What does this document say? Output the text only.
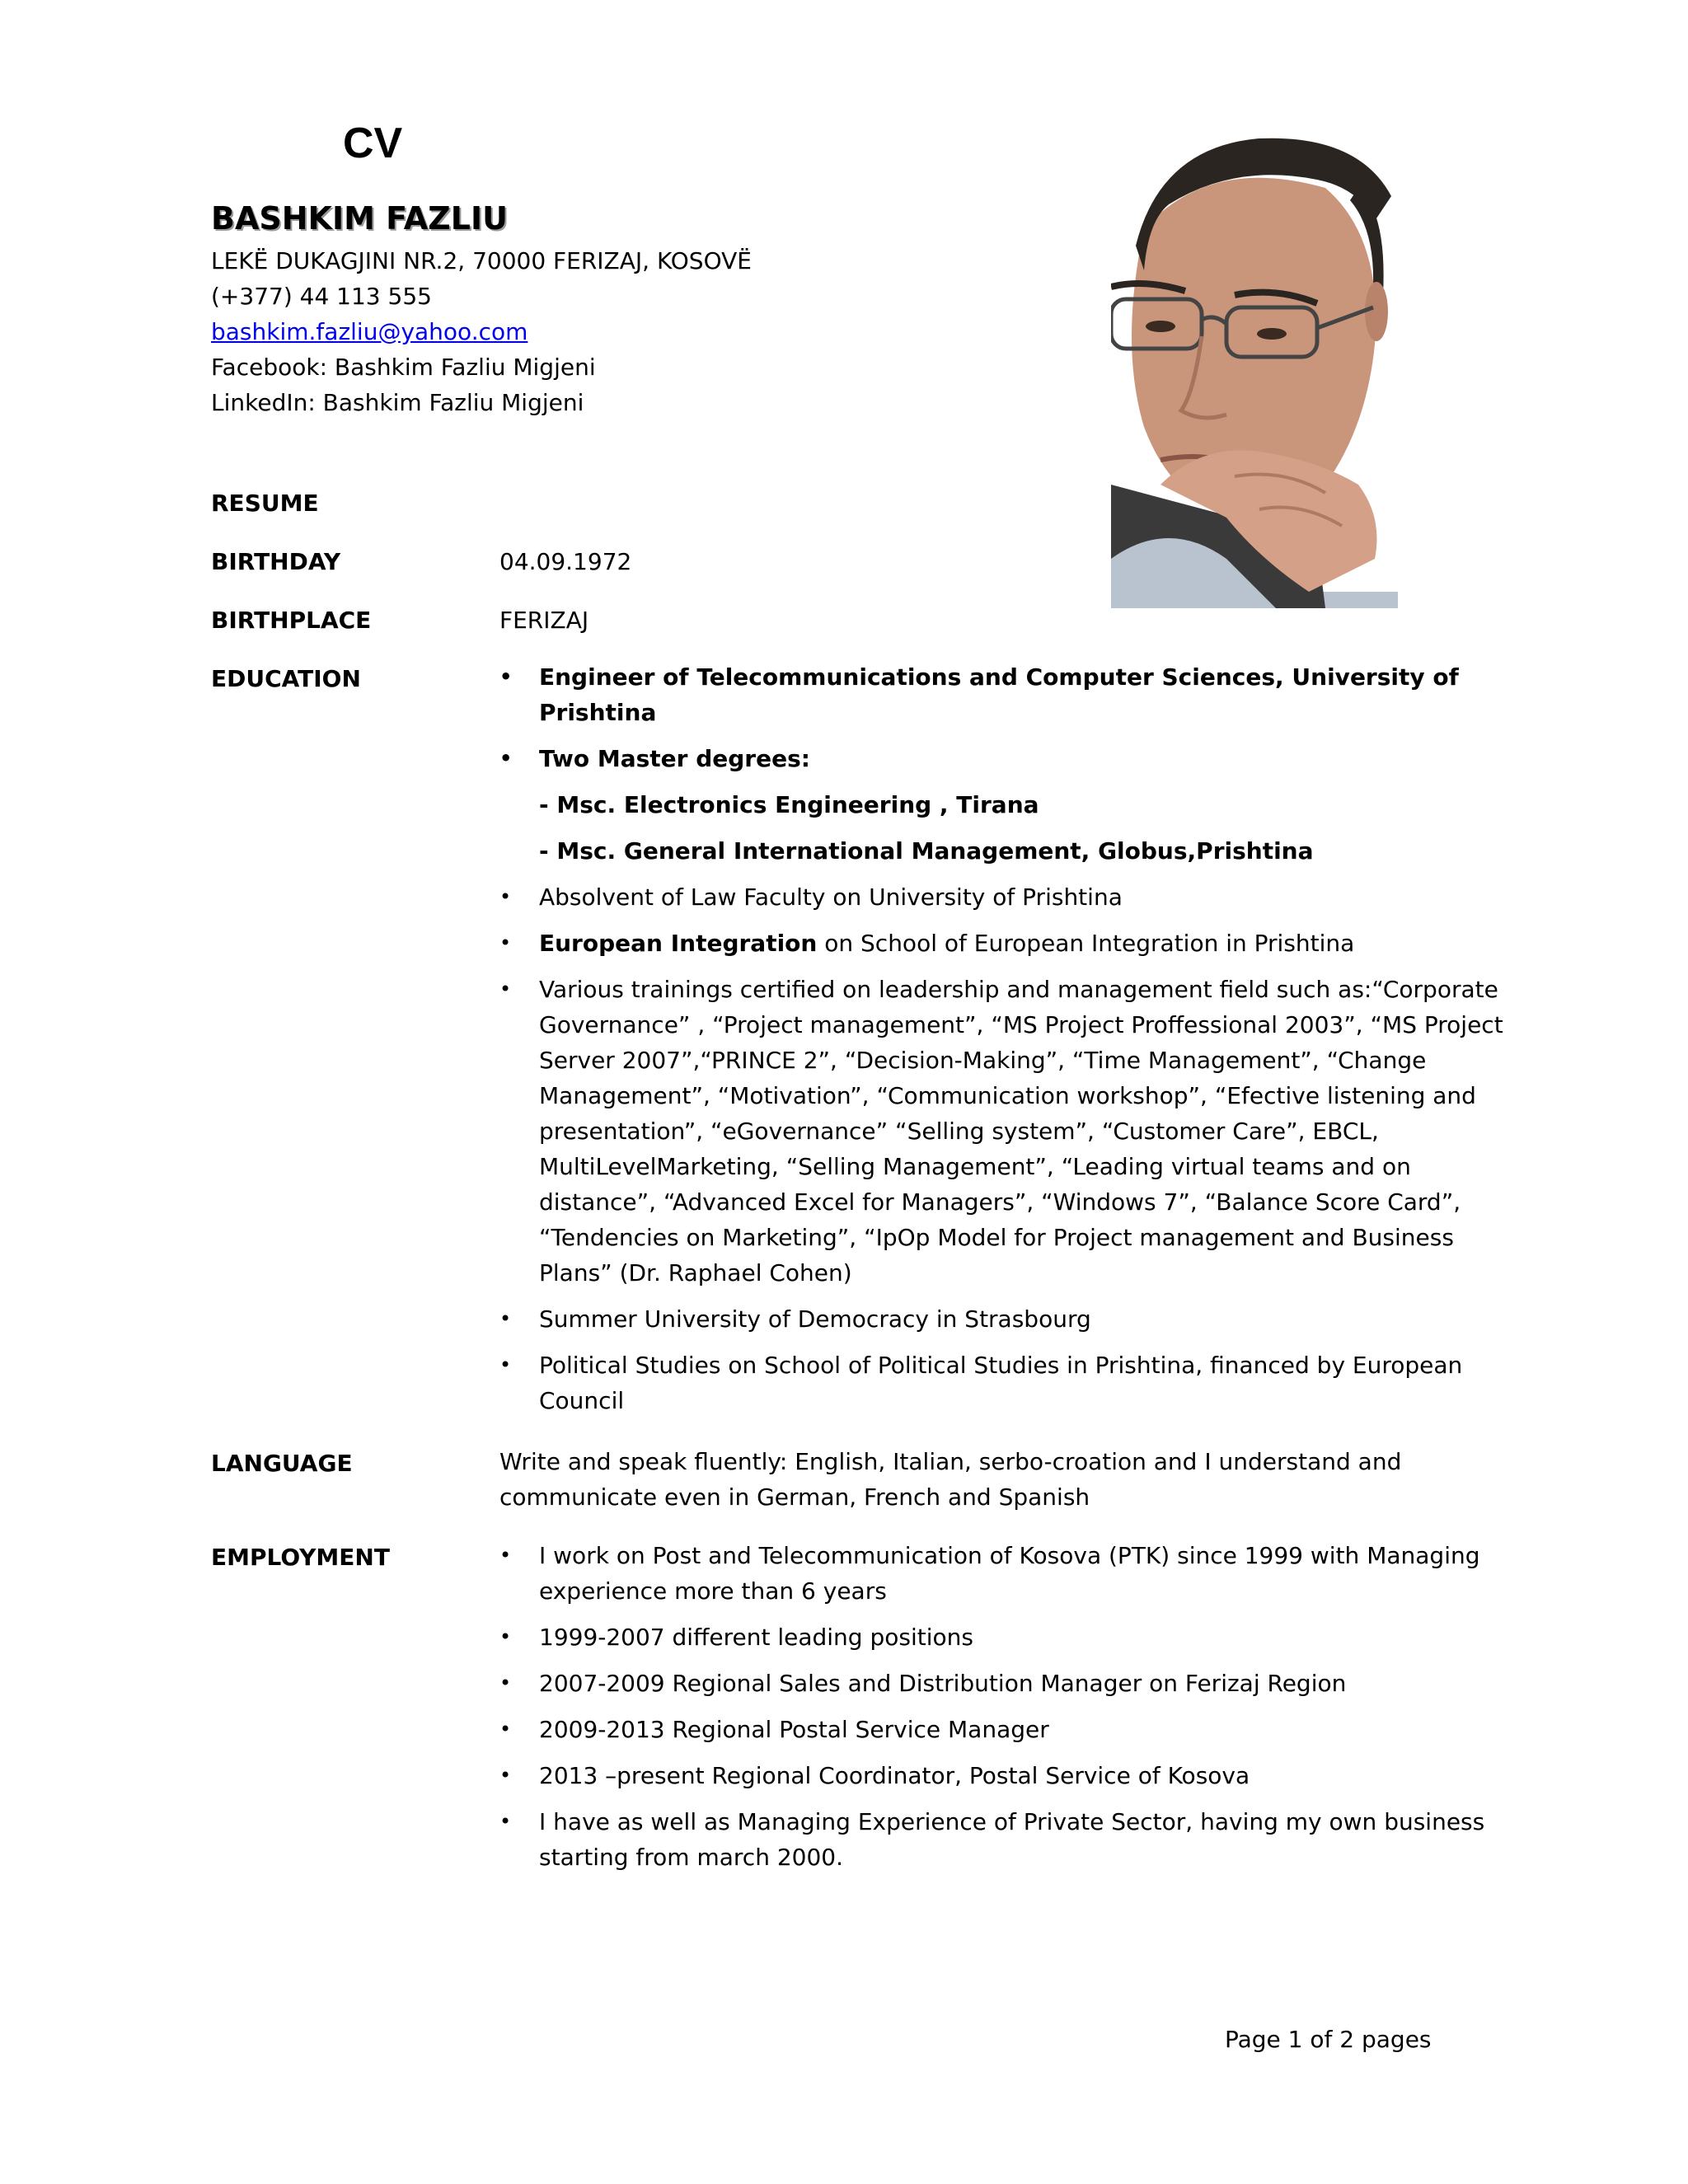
CV
BASHKIM FAZLIU
LEKË DUKAGJINI NR.2, 70000 FERIZAJ, KOSOVË
(+377) 44 113 555
bashkim.fazliu@yahoo.com
Facebook: Bashkim Fazliu Migjeni
LinkedIn: Bashkim Fazliu Migjeni
RESUME
BIRTHDAY	04.09.1972
BIRTHPLACE	FERIZAJ
EDUCATION	• Engineer of Telecommunications and Computer Sciences, University of Prishtina
• Two Master degrees:
- Msc. Electronics Engineering , Tirana
- Msc. General International Management, Globus,Prishtina
• Absolvent of Law Faculty on University of Prishtina
• European Integration on School of European Integration in Prishtina
• Various trainings certified on leadership and management field such as:“Corporate Governance” , “Project management”, “MS Project Proffessional 2003”, “MS Project Server 2007”,“PRINCE 2”, “Decision-Making”, “Time Management”, “Change Management”, “Motivation”, “Communication workshop”, “Efective listening and presentation”, “eGovernance” “Selling system”, “Customer Care”, EBCL, MultiLevelMarketing, “Selling Management”, “Leading virtual teams and on distance”, “Advanced Excel for Managers”, “Windows 7”, “Balance Score Card”, “Tendencies on Marketing”, “IpOp Model for Project management and Business Plans” (Dr. Raphael Cohen)
• Summer University of Democracy in Strasbourg
• Political Studies on School of Political Studies in Prishtina, financed by European Council
LANGUAGE	Write and speak fluently: English, Italian, serbo-croation and I understand and communicate even in German, French and Spanish
EMPLOYMENT	• I work on Post and Telecommunication of Kosova (PTK) since 1999 with Managing experience more than 6 years
• 1999-2007 different leading positions
• 2007-2009 Regional Sales and Distribution Manager on Ferizaj Region
• 2009-2013 Regional Postal Service Manager
• 2013 –present Regional Coordinator, Postal Service of Kosova
• I have as well as Managing Experience of Private Sector, having my own business starting from march 2000.
Page 1 of 2 pages
